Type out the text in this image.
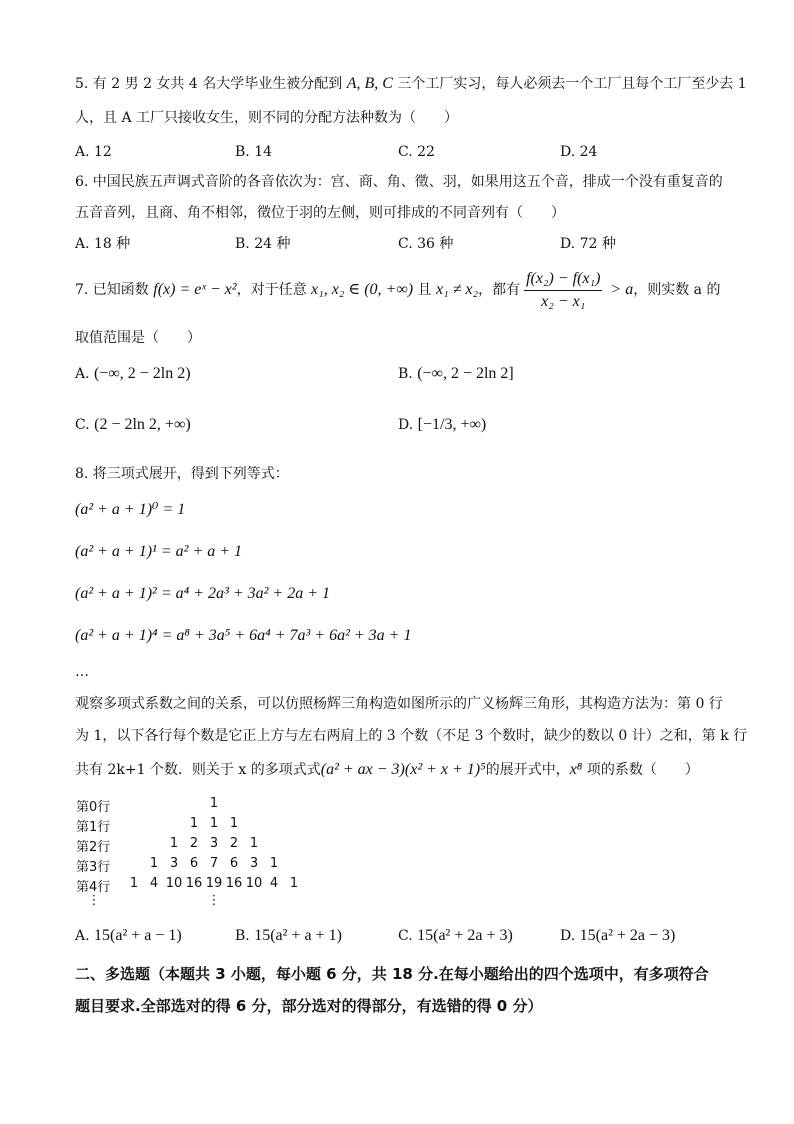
5. 有 2 男 2 女共 4 名大学毕业生被分配到 A, B, C 三个工厂实习，每人必须去一个工厂且每个工厂至少去 1
人，且 A 工厂只接收女生，则不同的分配方法种数为（　　）
A. 12	B. 14	C. 22	D. 24
6. 中国民族五声调式音阶的各音依次为：宫、商、角、徵、羽，如果用这五个音，排成一个没有重复音的
五音音列，且商、角不相邻，徵位于羽的左侧，则可排成的不同音列有（　　）
A. 18 种	B. 24 种	C. 36 种	D. 72 种
7. 已知函数 f(x) = eˣ − x²，对于任意 x₁, x₂ ∈ (0, +∞) 且 x₁ ≠ x₂，都有 $\frac{\text{f(x₂) − f(x₁)}}{\text{x₂ − x₁}} > a$，则实数 a 的
取值范围是（　　）
A. (−∞, 2 − 2ln 2)	B. (−∞, 2 − 2ln 2]
C. (2 − 2ln 2, +∞)	D. [−1/3, +∞)
8. 将三项式展开，得到下列等式：
(a² + a + 1)⁰ = 1
(a² + a + 1)¹ = a² + a + 1
(a² + a + 1)² = a⁴ + 2a³ + 3a² + 2a + 1
(a² + a + 1)⁴ = a⁸ + 3a⁵ + 6a⁴ + 7a³ + 6a² + 3a + 1
…
观察多项式系数之间的关系，可以仿照杨辉三角构造如图所示的广义杨辉三角形，其构造方法为：第 0 行
为 1，以下各行每个数是它正上方与左右两肩上的 3 个数（不足 3 个数时，缺少的数以 0 计）之和，第 k 行
共有 2k+1 个数．则关于 x 的多项式式(a² + ax − 3)(x² + x + 1)⁵的展开式中，x⁸ 项的系数（　　）
第0行	1
第1行	1 1 1
第2行	1 2 3 2 1
第3行	1 3 6 7 6 3 1
第4行	1 4 10 16 19 16 10 4 1
⋮	⋮
A. 15(a² + a − 1)	B. 15(a² + a + 1)	C. 15(a² + 2a + 3)	D. 15(a² + 2a − 3)
二、多选题（本题共 3 小题，每小题 6 分，共 18 分.在每小题给出的四个选项中，有多项符合
题目要求.全部选对的得 6 分，部分选对的得部分，有选错的得 0 分）
